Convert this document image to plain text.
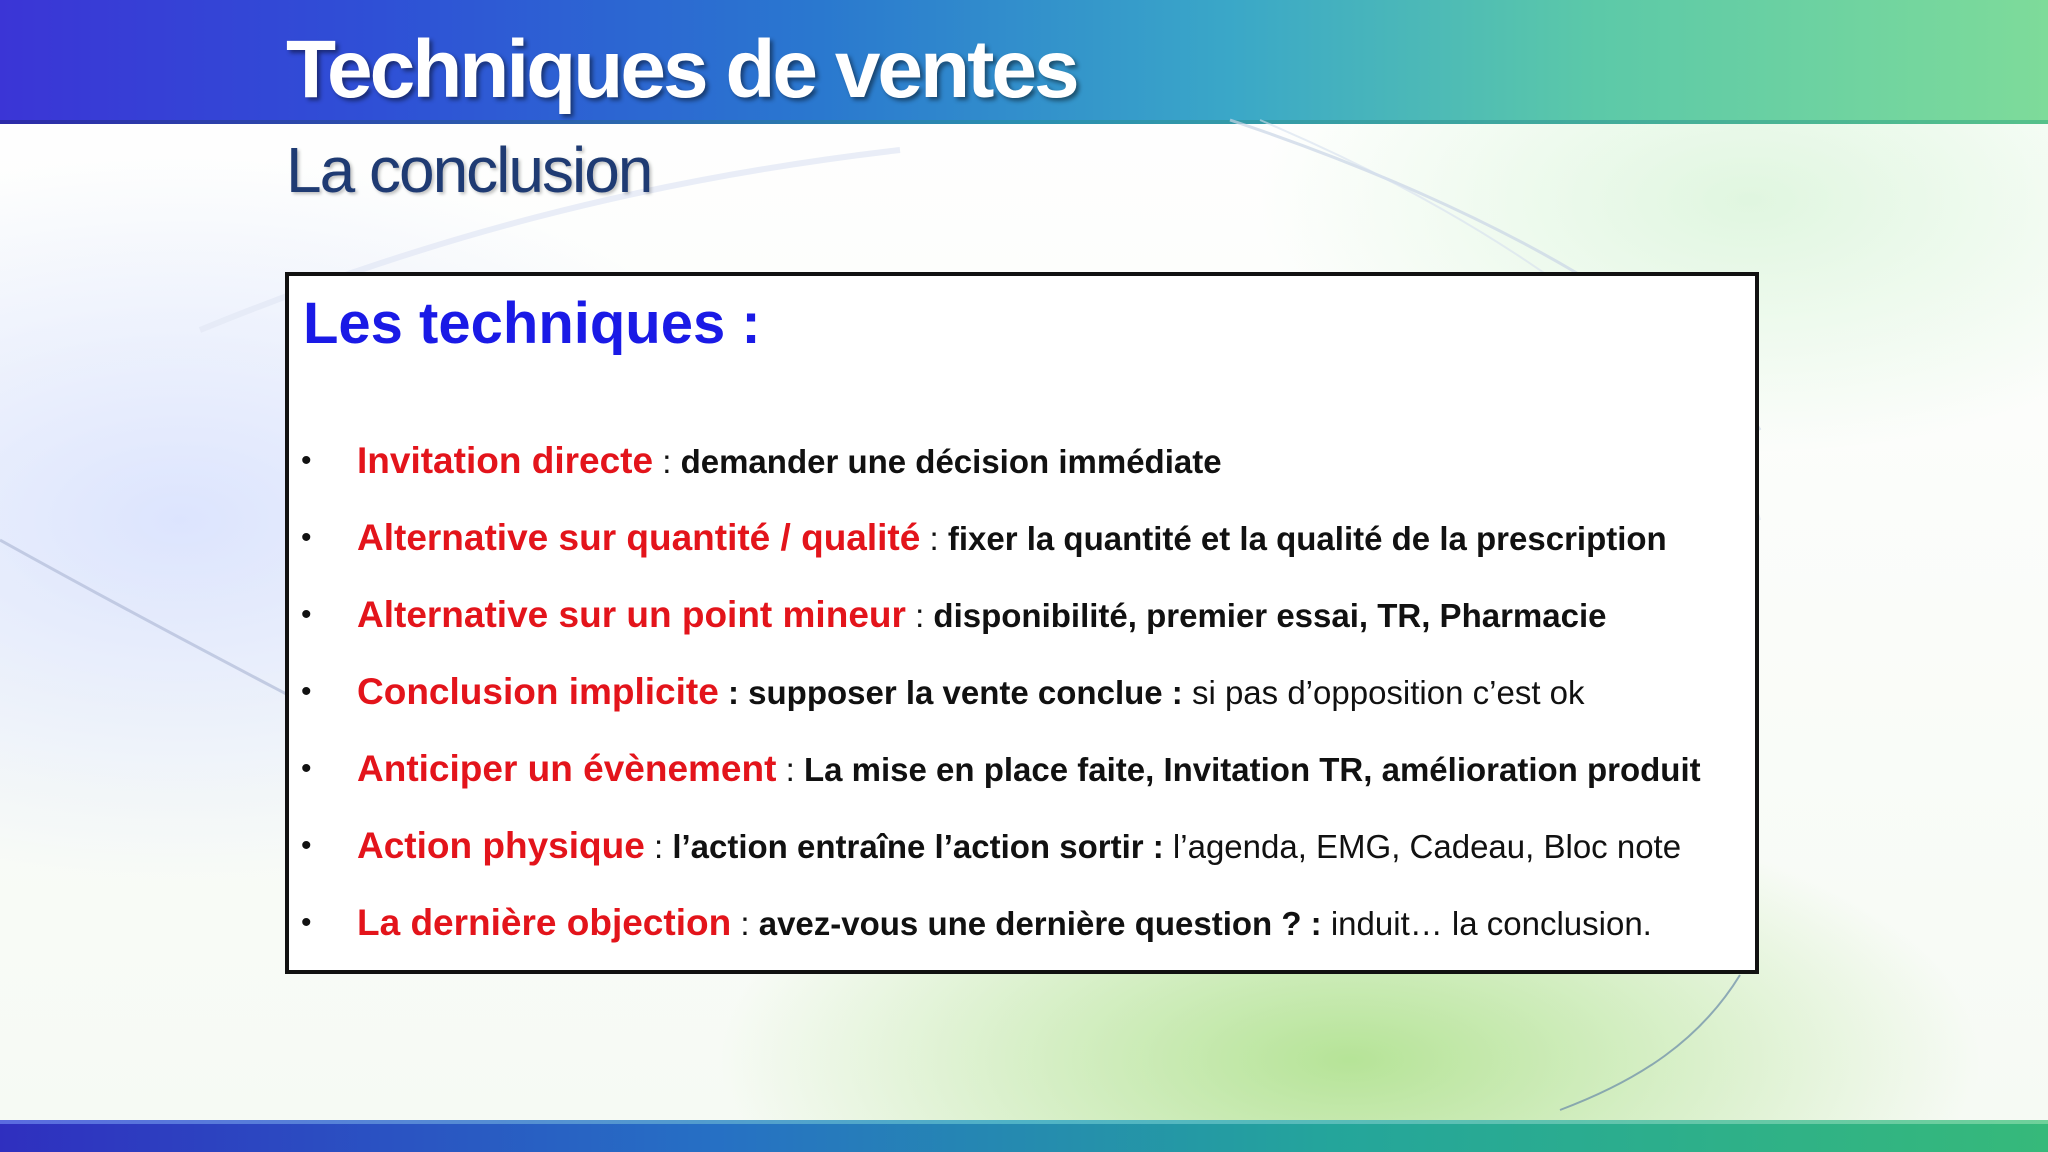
Techniques de ventes
La conclusion
Les techniques :
• Invitation directe : demander une décision immédiate
• Alternative sur quantité / qualité : fixer la quantité et la qualité de la prescription
• Alternative sur un point mineur : disponibilité, premier essai, TR, Pharmacie
• Conclusion implicite : supposer la vente conclue : si pas d’opposition c’est ok
• Anticiper un évènement : La mise en place faite, Invitation TR, amélioration produit
• Action physique : l’action entraîne l’action sortir : l’agenda, EMG, Cadeau, Bloc note
• La dernière objection : avez-vous une dernière question ? : induit… la conclusion.
